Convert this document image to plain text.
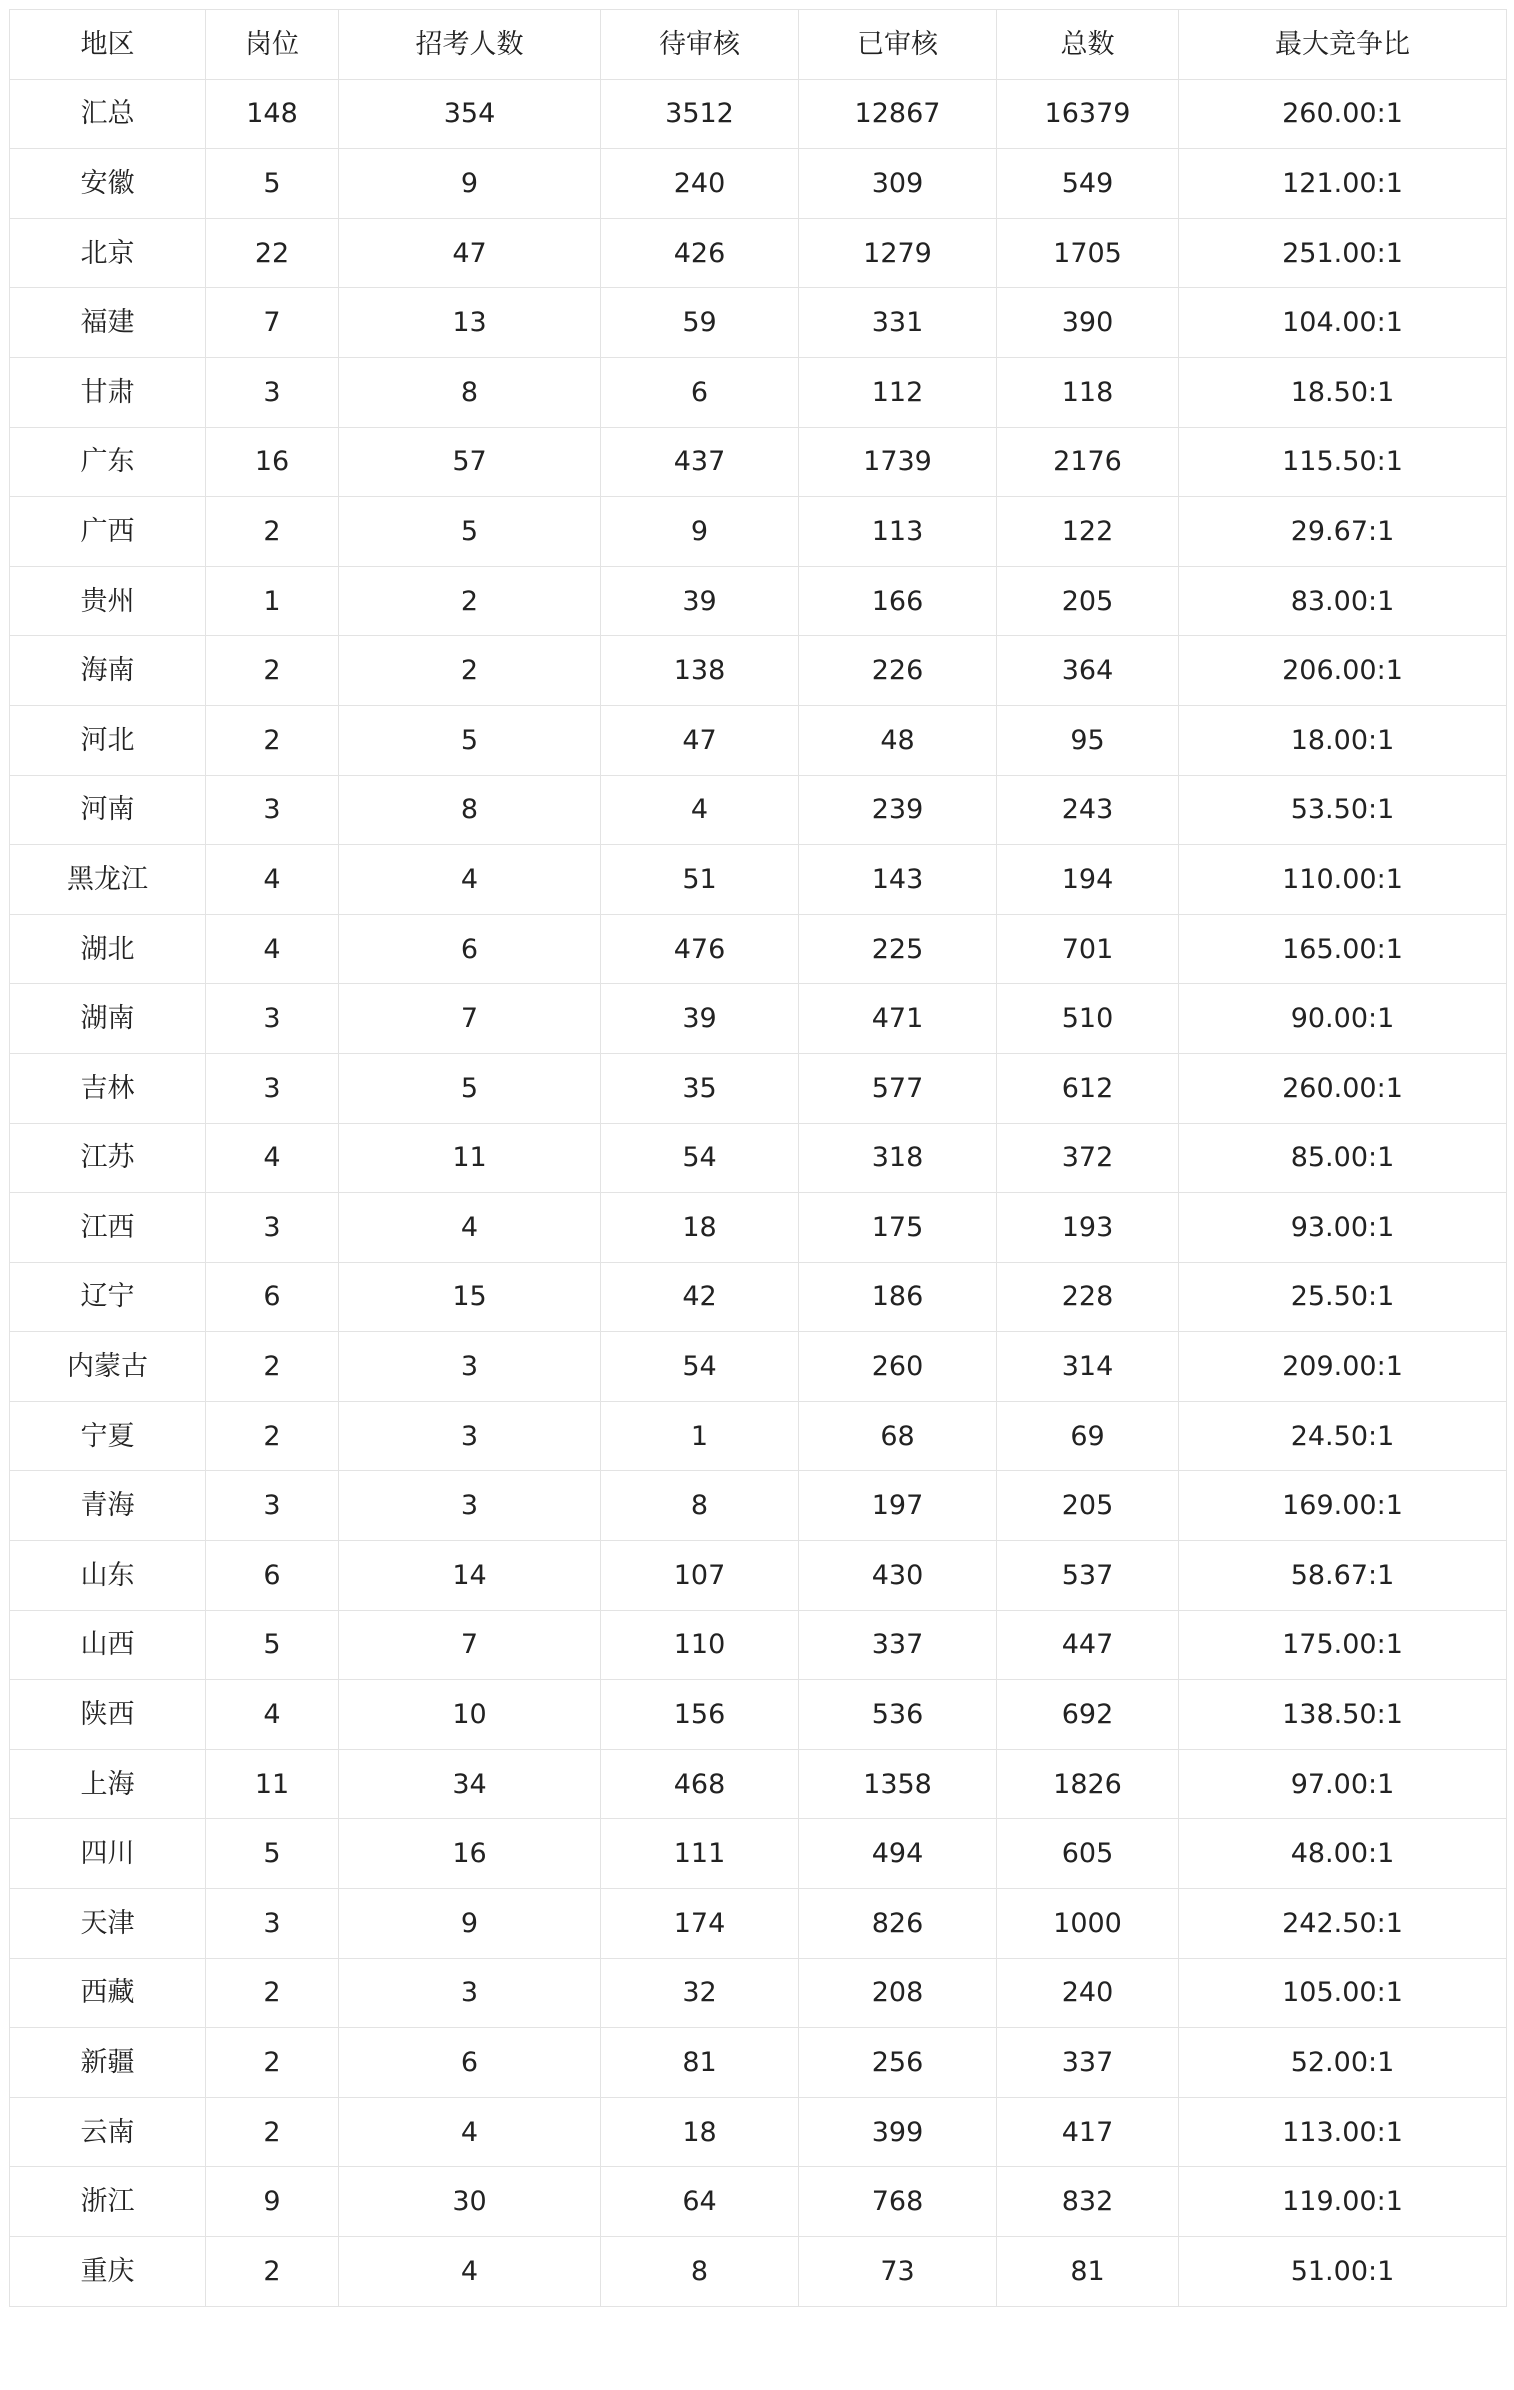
地区	岗位	招考人数	待审核	已审核	总数	最大竞争比
汇总	148	354	3512	12867	16379	260.00:1
安徽	5	9	240	309	549	121.00:1
北京	22	47	426	1279	1705	251.00:1
福建	7	13	59	331	390	104.00:1
甘肃	3	8	6	112	118	18.50:1
广东	16	57	437	1739	2176	115.50:1
广西	2	5	9	113	122	29.67:1
贵州	1	2	39	166	205	83.00:1
海南	2	2	138	226	364	206.00:1
河北	2	5	47	48	95	18.00:1
河南	3	8	4	239	243	53.50:1
黑龙江	4	4	51	143	194	110.00:1
湖北	4	6	476	225	701	165.00:1
湖南	3	7	39	471	510	90.00:1
吉林	3	5	35	577	612	260.00:1
江苏	4	11	54	318	372	85.00:1
江西	3	4	18	175	193	93.00:1
辽宁	6	15	42	186	228	25.50:1
内蒙古	2	3	54	260	314	209.00:1
宁夏	2	3	1	68	69	24.50:1
青海	3	3	8	197	205	169.00:1
山东	6	14	107	430	537	58.67:1
山西	5	7	110	337	447	175.00:1
陕西	4	10	156	536	692	138.50:1
上海	11	34	468	1358	1826	97.00:1
四川	5	16	111	494	605	48.00:1
天津	3	9	174	826	1000	242.50:1
西藏	2	3	32	208	240	105.00:1
新疆	2	6	81	256	337	52.00:1
云南	2	4	18	399	417	113.00:1
浙江	9	30	64	768	832	119.00:1
重庆	2	4	8	73	81	51.00:1
